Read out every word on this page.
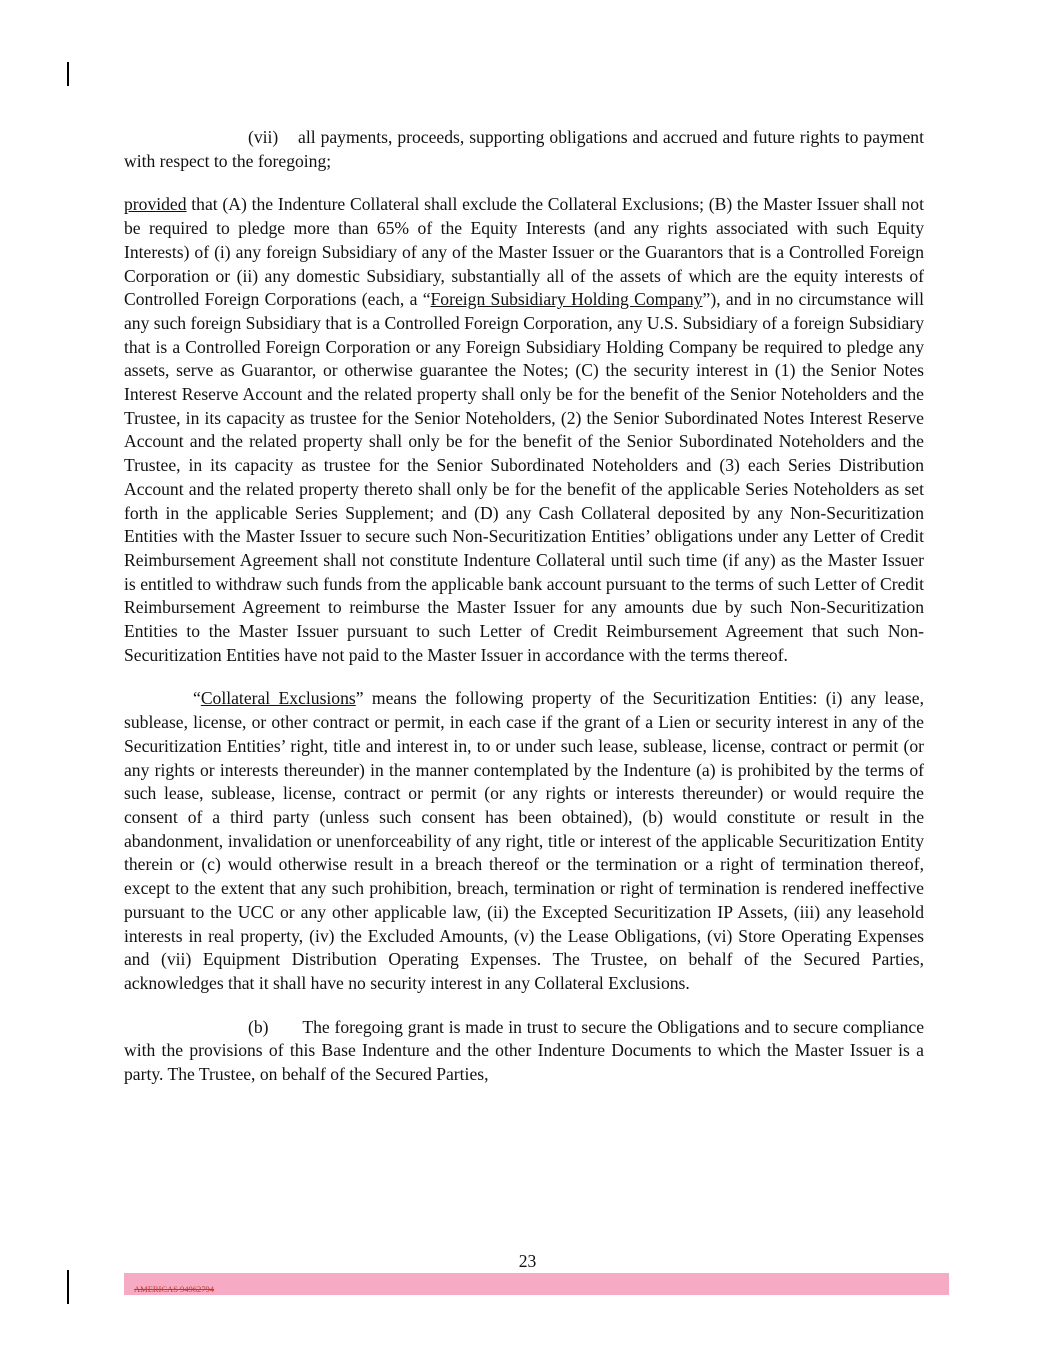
(vii) all payments, proceeds, supporting obligations and accrued and future rights to payment with respect to the foregoing;

provided that (A) the Indenture Collateral shall exclude the Collateral Exclusions; (B) the Master Issuer shall not be required to pledge more than 65% of the Equity Interests (and any rights associated with such Equity Interests) of (i) any foreign Subsidiary of any of the Master Issuer or the Guarantors that is a Controlled Foreign Corporation or (ii) any domestic Subsidiary, substantially all of the assets of which are the equity interests of Controlled Foreign Corporations (each, a “Foreign Subsidiary Holding Company”), and in no circumstance will any such foreign Subsidiary that is a Controlled Foreign Corporation, any U.S. Subsidiary of a foreign Subsidiary that is a Controlled Foreign Corporation or any Foreign Subsidiary Holding Company be required to pledge any assets, serve as Guarantor, or otherwise guarantee the Notes; (C) the security interest in (1) the Senior Notes Interest Reserve Account and the related property shall only be for the benefit of the Senior Noteholders and the Trustee, in its capacity as trustee for the Senior Noteholders, (2) the Senior Subordinated Notes Interest Reserve Account and the related property shall only be for the benefit of the Senior Subordinated Noteholders and the Trustee, in its capacity as trustee for the Senior Subordinated Noteholders and (3) each Series Distribution Account and the related property thereto shall only be for the benefit of the applicable Series Noteholders as set forth in the applicable Series Supplement; and (D) any Cash Collateral deposited by any Non-Securitization Entities with the Master Issuer to secure such Non-Securitization Entities’ obligations under any Letter of Credit Reimbursement Agreement shall not constitute Indenture Collateral until such time (if any) as the Master Issuer is entitled to withdraw such funds from the applicable bank account pursuant to the terms of such Letter of Credit Reimbursement Agreement to reimburse the Master Issuer for any amounts due by such Non-Securitization Entities to the Master Issuer pursuant to such Letter of Credit Reimbursement Agreement that such Non-Securitization Entities have not paid to the Master Issuer in accordance with the terms thereof.

“Collateral Exclusions” means the following property of the Securitization Entities: (i) any lease, sublease, license, or other contract or permit, in each case if the grant of a Lien or security interest in any of the Securitization Entities’ right, title and interest in, to or under such lease, sublease, license, contract or permit (or any rights or interests thereunder) in the manner contemplated by the Indenture (a) is prohibited by the terms of such lease, sublease, license, contract or permit (or any rights or interests thereunder) or would require the consent of a third party (unless such consent has been obtained), (b) would constitute or result in the abandonment, invalidation or unenforceability of any right, title or interest of the applicable Securitization Entity therein or (c) would otherwise result in a breach thereof or the termination or a right of termination thereof, except to the extent that any such prohibition, breach, termination or right of termination is rendered ineffective pursuant to the UCC or any other applicable law, (ii) the Excepted Securitization IP Assets, (iii) any leasehold interests in real property, (iv) the Excluded Amounts, (v) the Lease Obligations, (vi) Store Operating Expenses and (vii) Equipment Distribution Operating Expenses. The Trustee, on behalf of the Secured Parties, acknowledges that it shall have no security interest in any Collateral Exclusions.

(b) The foregoing grant is made in trust to secure the Obligations and to secure compliance with the provisions of this Base Indenture and the other Indenture Documents to which the Master Issuer is a party. The Trustee, on behalf of the Secured Parties,

23
AMERICAS 94962794
